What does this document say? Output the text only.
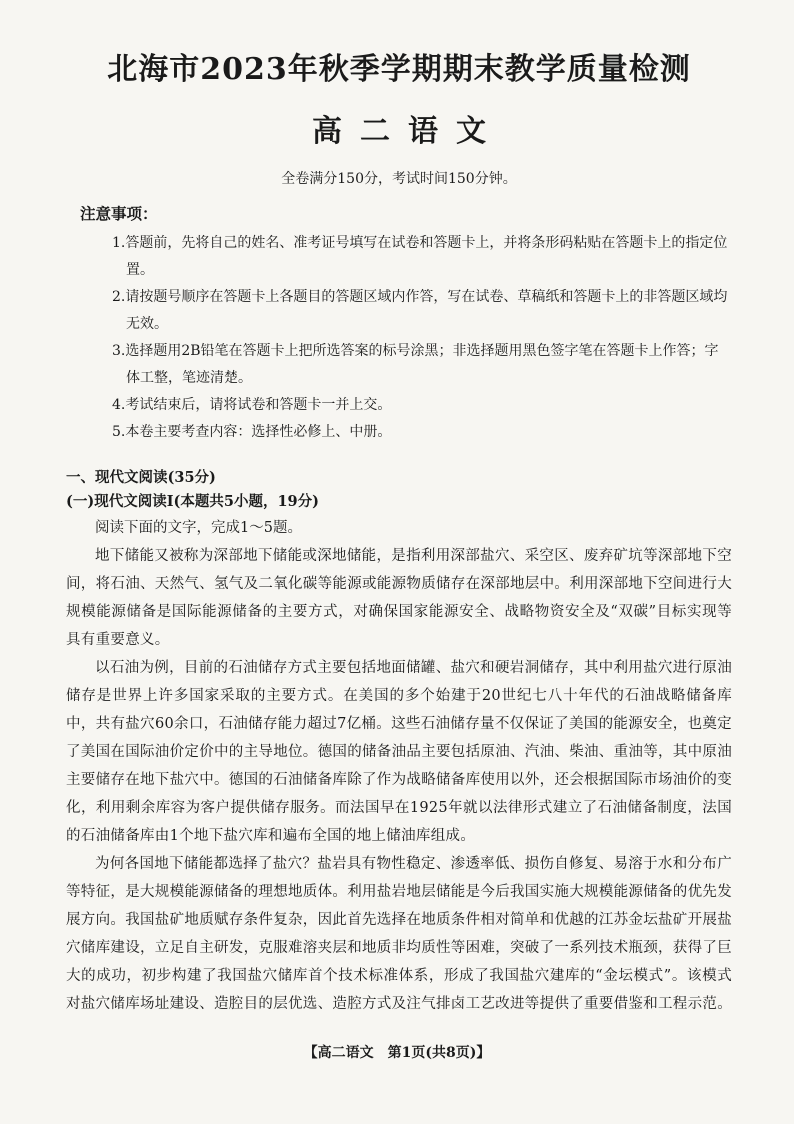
北海市2023年秋季学期期末教学质量检测
高二语文

全卷满分150分，考试时间150分钟。

注意事项：
1.答题前，先将自己的姓名、准考证号填写在试卷和答题卡上，并将条形码粘贴在答题卡上的指定位置。
2.请按题号顺序在答题卡上各题目的答题区域内作答，写在试卷、草稿纸和答题卡上的非答题区域均无效。
3.选择题用2B铅笔在答题卡上把所选答案的标号涂黑；非选择题用黑色签字笔在答题卡上作答；字体工整，笔迹清楚。
4.考试结束后，请将试卷和答题卡一并上交。
5.本卷主要考查内容：选择性必修上、中册。
一、现代文阅读(35分)
(一)现代文阅读Ⅰ(本题共5小题，19分)

阅读下面的文字，完成1～5题。

地下储能又被称为深部地下储能或深地储能，是指利用深部盐穴、采空区、废弃矿坑等深部地下空间，将石油、天然气、氢气及二氧化碳等能源或能源物质储存在深部地层中。利用深部地下空间进行大规模能源储备是国际能源储备的主要方式，对确保国家能源安全、战略物资安全及“双碳”目标实现等具有重要意义。

以石油为例，目前的石油储存方式主要包括地面储罐、盐穴和硬岩洞储存，其中利用盐穴进行原油储存是世界上许多国家采取的主要方式。在美国的多个始建于20世纪七八十年代的石油战略储备库中，共有盐穴60余口，石油储存能力超过7亿桶。这些石油储存量不仅保证了美国的能源安全，也奠定了美国在国际油价定价中的主导地位。德国的储备油品主要包括原油、汽油、柴油、重油等，其中原油主要储存在地下盐穴中。德国的石油储备库除了作为战略储备库使用以外，还会根据国际市场油价的变化，利用剩余库容为客户提供储存服务。而法国早在1925年就以法律形式建立了石油储备制度，法国的石油储备库由1个地下盐穴库和遍布全国的地上储油库组成。

为何各国地下储能都选择了盐穴？盐岩具有物性稳定、渗透率低、损伤自修复、易溶于水和分布广等特征，是大规模能源储备的理想地质体。利用盐岩地层储能是今后我国实施大规模能源储备的优先发展方向。我国盐矿地质赋存条件复杂，因此首先选择在地质条件相对简单和优越的江苏金坛盐矿开展盐穴储库建设，立足自主研发，克服难溶夹层和地质非均质性等困难，突破了一系列技术瓶颈，获得了巨大的成功，初步构建了我国盐穴储库首个技术标准体系，形成了我国盐穴建库的“金坛模式”。该模式对盐穴储库场址建设、造腔目的层优选、造腔方式及注气排卤工艺改进等提供了重要借鉴和工程示范。

【高二语文　第1页(共8页)】
